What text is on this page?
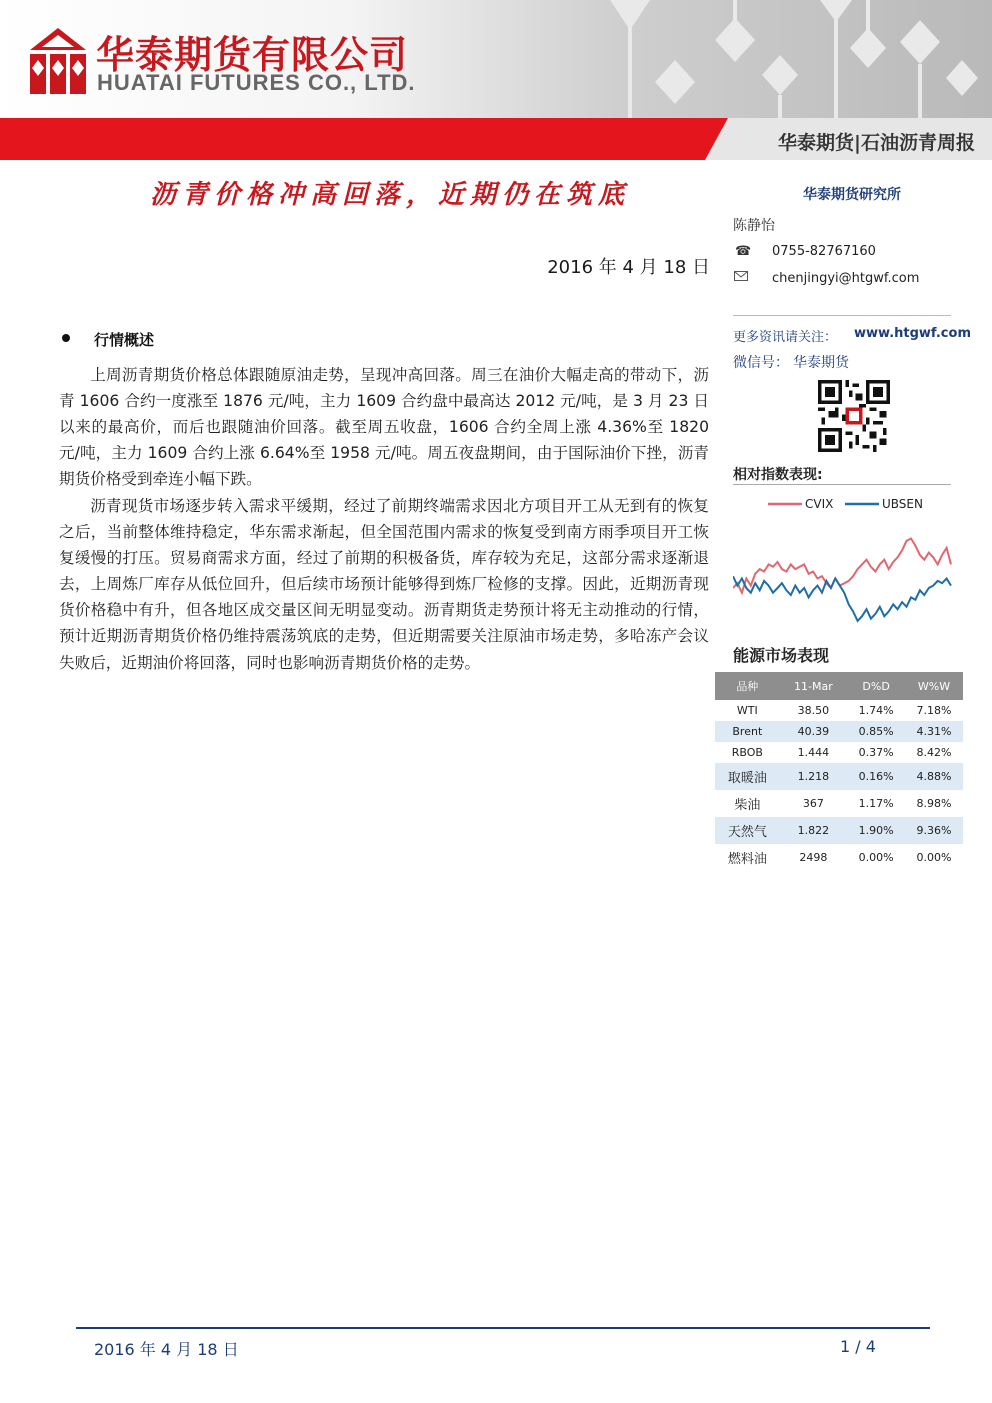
华泰期货有限公司
HUATAI FUTURES CO., LTD.
华泰期货|石油沥青周报
沥青价格冲高回落，近期仍在筑底
2016 年 4 月 18 日
华泰期货研究所
陈静怡
☎ 0755-82767160
chenjingyi@htgwf.com
更多资讯请关注： www.htgwf.com
微信号： 华泰期货
相对指数表现:
CVIX	UBSEN
能源市场表现
品种	11-Mar	D%D	W%W
WTI	38.50	1.74%	7.18%
Brent	40.39	0.85%	4.31%
RBOB	1.444	0.37%	8.42%
取暖油	1.218	0.16%	4.88%
柴油	367	1.17%	8.98%
天然气	1.822	1.90%	9.36%
燃料油	2498	0.00%	0.00%
行情概述
上周沥青期货价格总体跟随原油走势，呈现冲高回落。周三在油价大幅走高的带动下，沥青 1606 合约一度涨至 1876 元/吨，主力 1609 合约盘中最高达 2012 元/吨，是 3 月 23 日以来的最高价，而后也跟随油价回落。截至周五收盘，1606 合约全周上涨 4.36%至 1820 元/吨，主力 1609 合约上涨 6.64%至 1958 元/吨。周五夜盘期间，由于国际油价下挫，沥青期货价格受到牵连小幅下跌。
沥青现货市场逐步转入需求平缓期，经过了前期终端需求因北方项目开工从无到有的恢复之后，当前整体维持稳定，华东需求渐起，但全国范围内需求的恢复受到南方雨季项目开工恢复缓慢的打压。贸易商需求方面，经过了前期的积极备货，库存较为充足，这部分需求逐渐退去，上周炼厂库存从低位回升，但后续市场预计能够得到炼厂检修的支撑。因此，近期沥青现货价格稳中有升，但各地区成交量区间无明显变动。沥青期货走势预计将无主动推动的行情，预计近期沥青期货价格仍维持震荡筑底的走势，但近期需要关注原油市场走势，多哈冻产会议失败后，近期油价将回落，同时也影响沥青期货价格的走势。
2016 年 4 月 18 日	1 / 4
